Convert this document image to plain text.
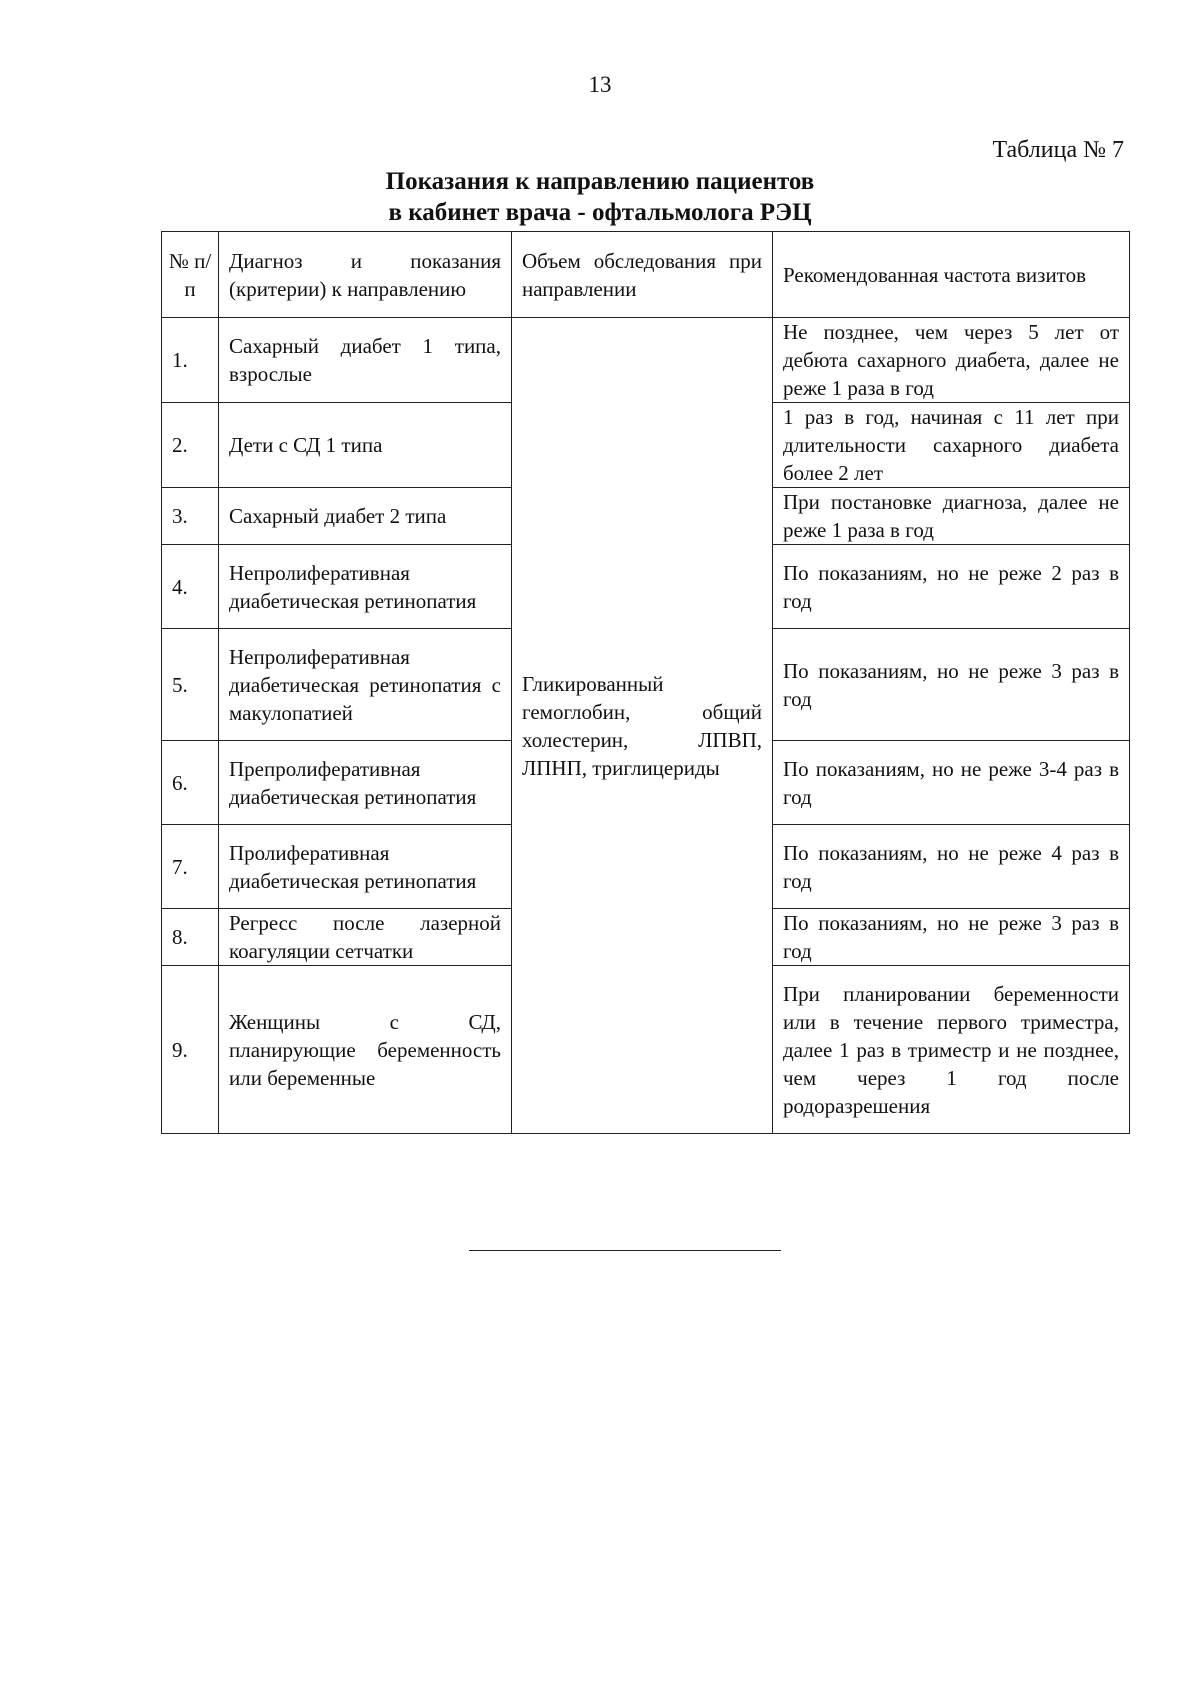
13
Таблица № 7
Показания к направлению пациентов
в кабинет врача - офтальмолога РЭЦ
№ п/п	Диагноз и показания (критерии) к направлению	Объем обследования при направлении	Рекомендованная частота визитов
1.	Сахарный диабет 1 типа, взрослые	Гликированный гемоглобин, общий холестерин, ЛПВП, ЛПНП, триглицериды	Не позднее, чем через 5 лет от дебюта сахарного диабета, далее не реже 1 раза в год
2.	Дети с СД 1 типа		1 раз в год, начиная с 11 лет при длительности сахарного диабета более 2 лет
3.	Сахарный диабет 2 типа		При постановке диагноза, далее не реже 1 раза в год
4.	Непролиферативная диабетическая ретинопатия		По показаниям, но не реже 2 раз в год
5.	Непролиферативная диабетическая ретинопатия с макулопатией		По показаниям, но не реже 3 раз в год
6.	Препролиферативная диабетическая ретинопатия		По показаниям, но не реже 3-4 раз в год
7.	Пролиферативная диабетическая ретинопатия		По показаниям, но не реже 4 раз в год
8.	Регресс после лазерной коагуляции сетчатки		По показаниям, но не реже 3 раз в год
9.	Женщины с СД, планирующие беременность или беременные		При планировании беременности или в течение первого триместра, далее 1 раз в триместр и не позднее, чем через 1 год после родоразрешения
